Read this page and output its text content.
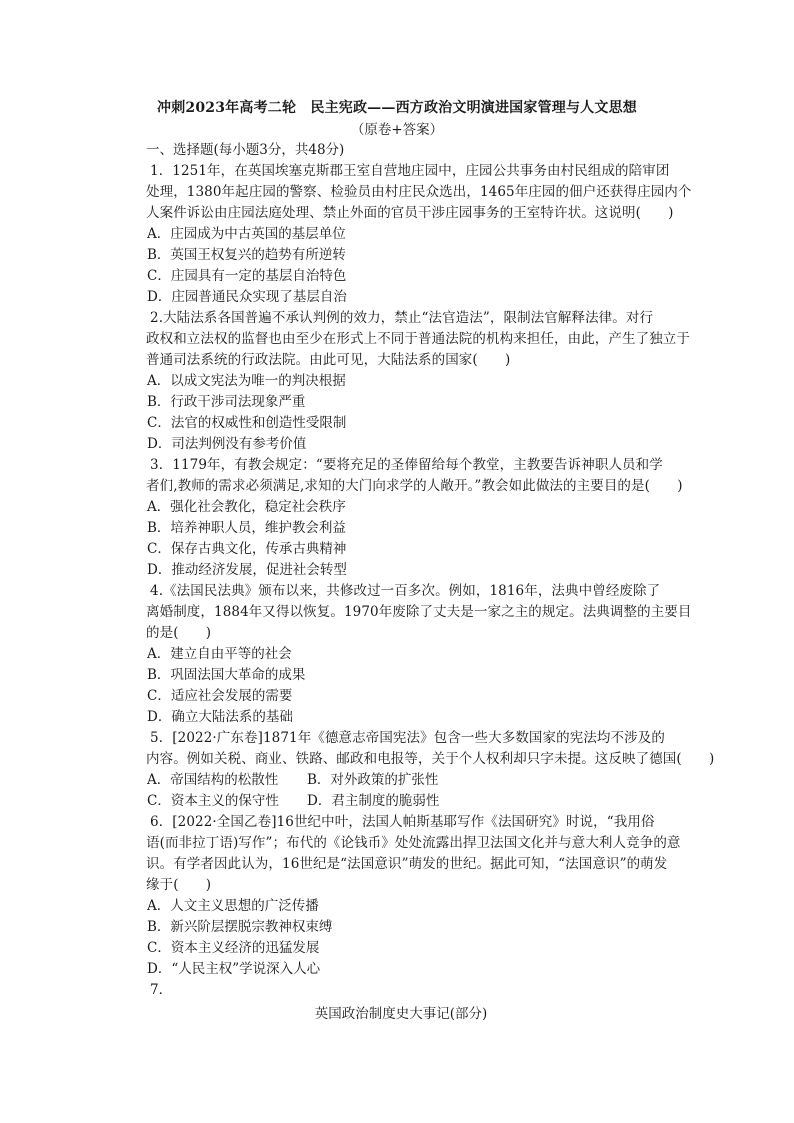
冲刺2023年高考二轮　民主宪政——西方政治文明演进国家管理与人文思想
（原卷+答案）
一、选择题(每小题3分，共48分)
1．1251年，在英国埃塞克斯郡王室自营地庄园中，庄园公共事务由村民组成的陪审团
处理，1380年起庄园的警察、检验员由村庄民众选出，1465年庄园的佃户还获得庄园内个
人案件诉讼由庄园法庭处理、禁止外面的官员干涉庄园事务的王室特许状。这说明(　　)
A．庄园成为中古英国的基层单位
B．英国王权复兴的趋势有所逆转
C．庄园具有一定的基层自治特色
D．庄园普通民众实现了基层自治
2.大陆法系各国普遍不承认判例的效力，禁止“法官造法”，限制法官解释法律。对行
政权和立法权的监督也由至少在形式上不同于普通法院的机构来担任，由此，产生了独立于
普通司法系统的行政法院。由此可见，大陆法系的国家(　　)
A．以成文宪法为唯一的判决根据
B．行政干涉司法现象严重
C．法官的权威性和创造性受限制
D．司法判例没有参考价值
3．1179年，有教会规定：“要将充足的圣俸留给每个教堂，主教要告诉神职人员和学
者们,教师的需求必须满足,求知的大门向求学的人敞开。”教会如此做法的主要目的是(　　)
A．强化社会教化，稳定社会秩序
B．培养神职人员，维护教会利益
C．保存古典文化，传承古典精神
D．推动经济发展，促进社会转型
4.《法国民法典》颁布以来，共修改过一百多次。例如，1816年，法典中曾经废除了
离婚制度，1884年又得以恢复。1970年废除了丈夫是一家之主的规定。法典调整的主要目
的是(　　)
A．建立自由平等的社会
B．巩固法国大革命的成果
C．适应社会发展的需要
D．确立大陆法系的基础
5．[2022·广东卷]1871年《德意志帝国宪法》包含一些大多数国家的宪法均不涉及的
内容。例如关税、商业、铁路、邮政和电报等，关于个人权利却只字未提。这反映了德国(　　)
A．帝国结构的松散性 B．对外政策的扩张性
C．资本主义的保守性 D．君主制度的脆弱性
6．[2022·全国乙卷]16世纪中叶，法国人帕斯基耶写作《法国研究》时说，“我用俗
语(而非拉丁语)写作”；布代的《论钱币》处处流露出捍卫法国文化并与意大利人竞争的意
识。有学者因此认为，16世纪是“法国意识”萌发的世纪。据此可知，“法国意识”的萌发
缘于(　　)
A．人文主义思想的广泛传播
B．新兴阶层摆脱宗教神权束缚
C．资本主义经济的迅猛发展
D．“人民主权”学说深入人心
7．
英国政治制度史大事记(部分)
